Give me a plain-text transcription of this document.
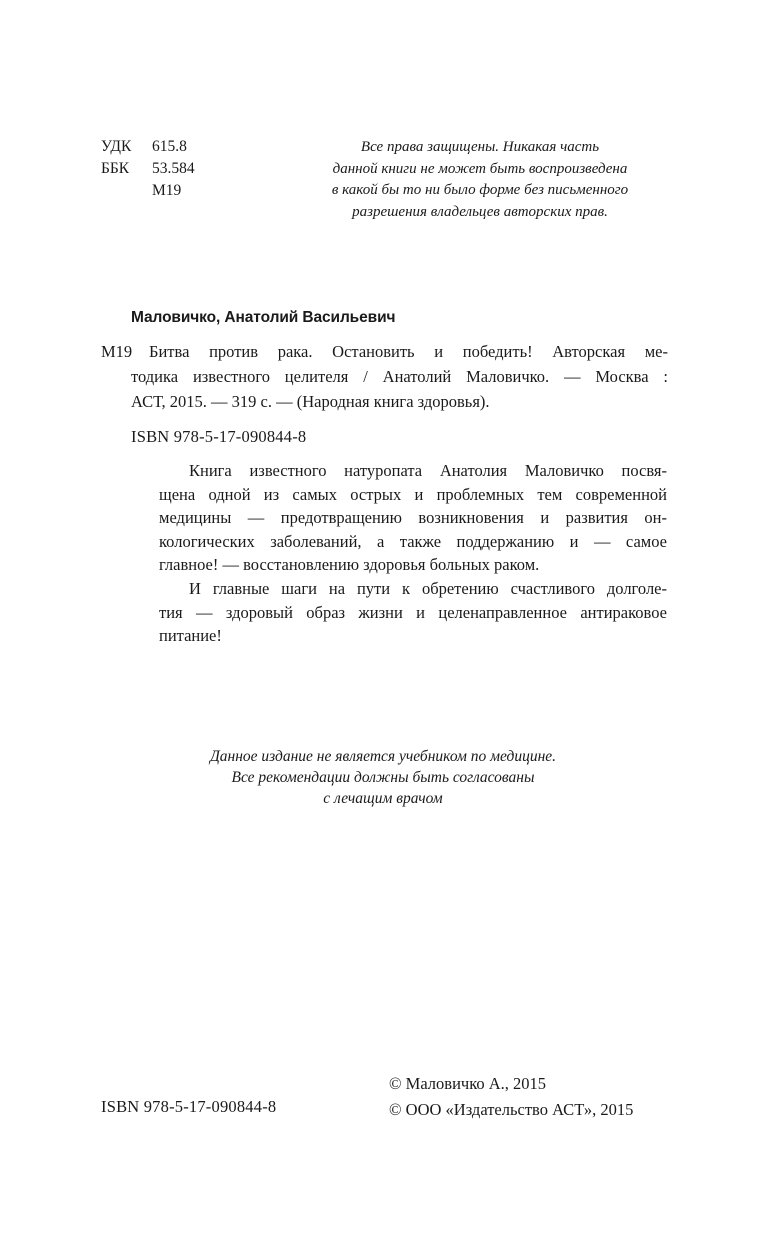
УДК	615.8
ББК	53.584
М19
Все права защищены. Никакая часть
данной книги не может быть воспроизведена
в какой бы то ни было форме без письменного
разрешения владельцев авторских прав.
Маловичко, Анатолий Васильевич
М19 Битва против рака. Остановить и победить! Авторская ме-
тодика известного целителя / Анатолий Маловичко. — Москва :
АСТ, 2015. — 319 с. — (Народная книга здоровья).
ISBN 978-5-17-090844-8
Книга известного натуропата Анатолия Маловичко посвя-
щена одной из самых острых и проблемных тем современной
медицины — предотвращению возникновения и развития он-
кологических заболеваний, а также поддержанию и — самое
главное! — восстановлению здоровья больных раком.
И главные шаги на пути к обретению счастливого долголе-
тия — здоровый образ жизни и целенаправленное антираковое
питание!
Данное издание не является учебником по медицине.
Все рекомендации должны быть согласованы
с лечащим врачом
© Маловичко А., 2015
© ООО «Издательство АСТ», 2015
ISBN 978-5-17-090844-8
